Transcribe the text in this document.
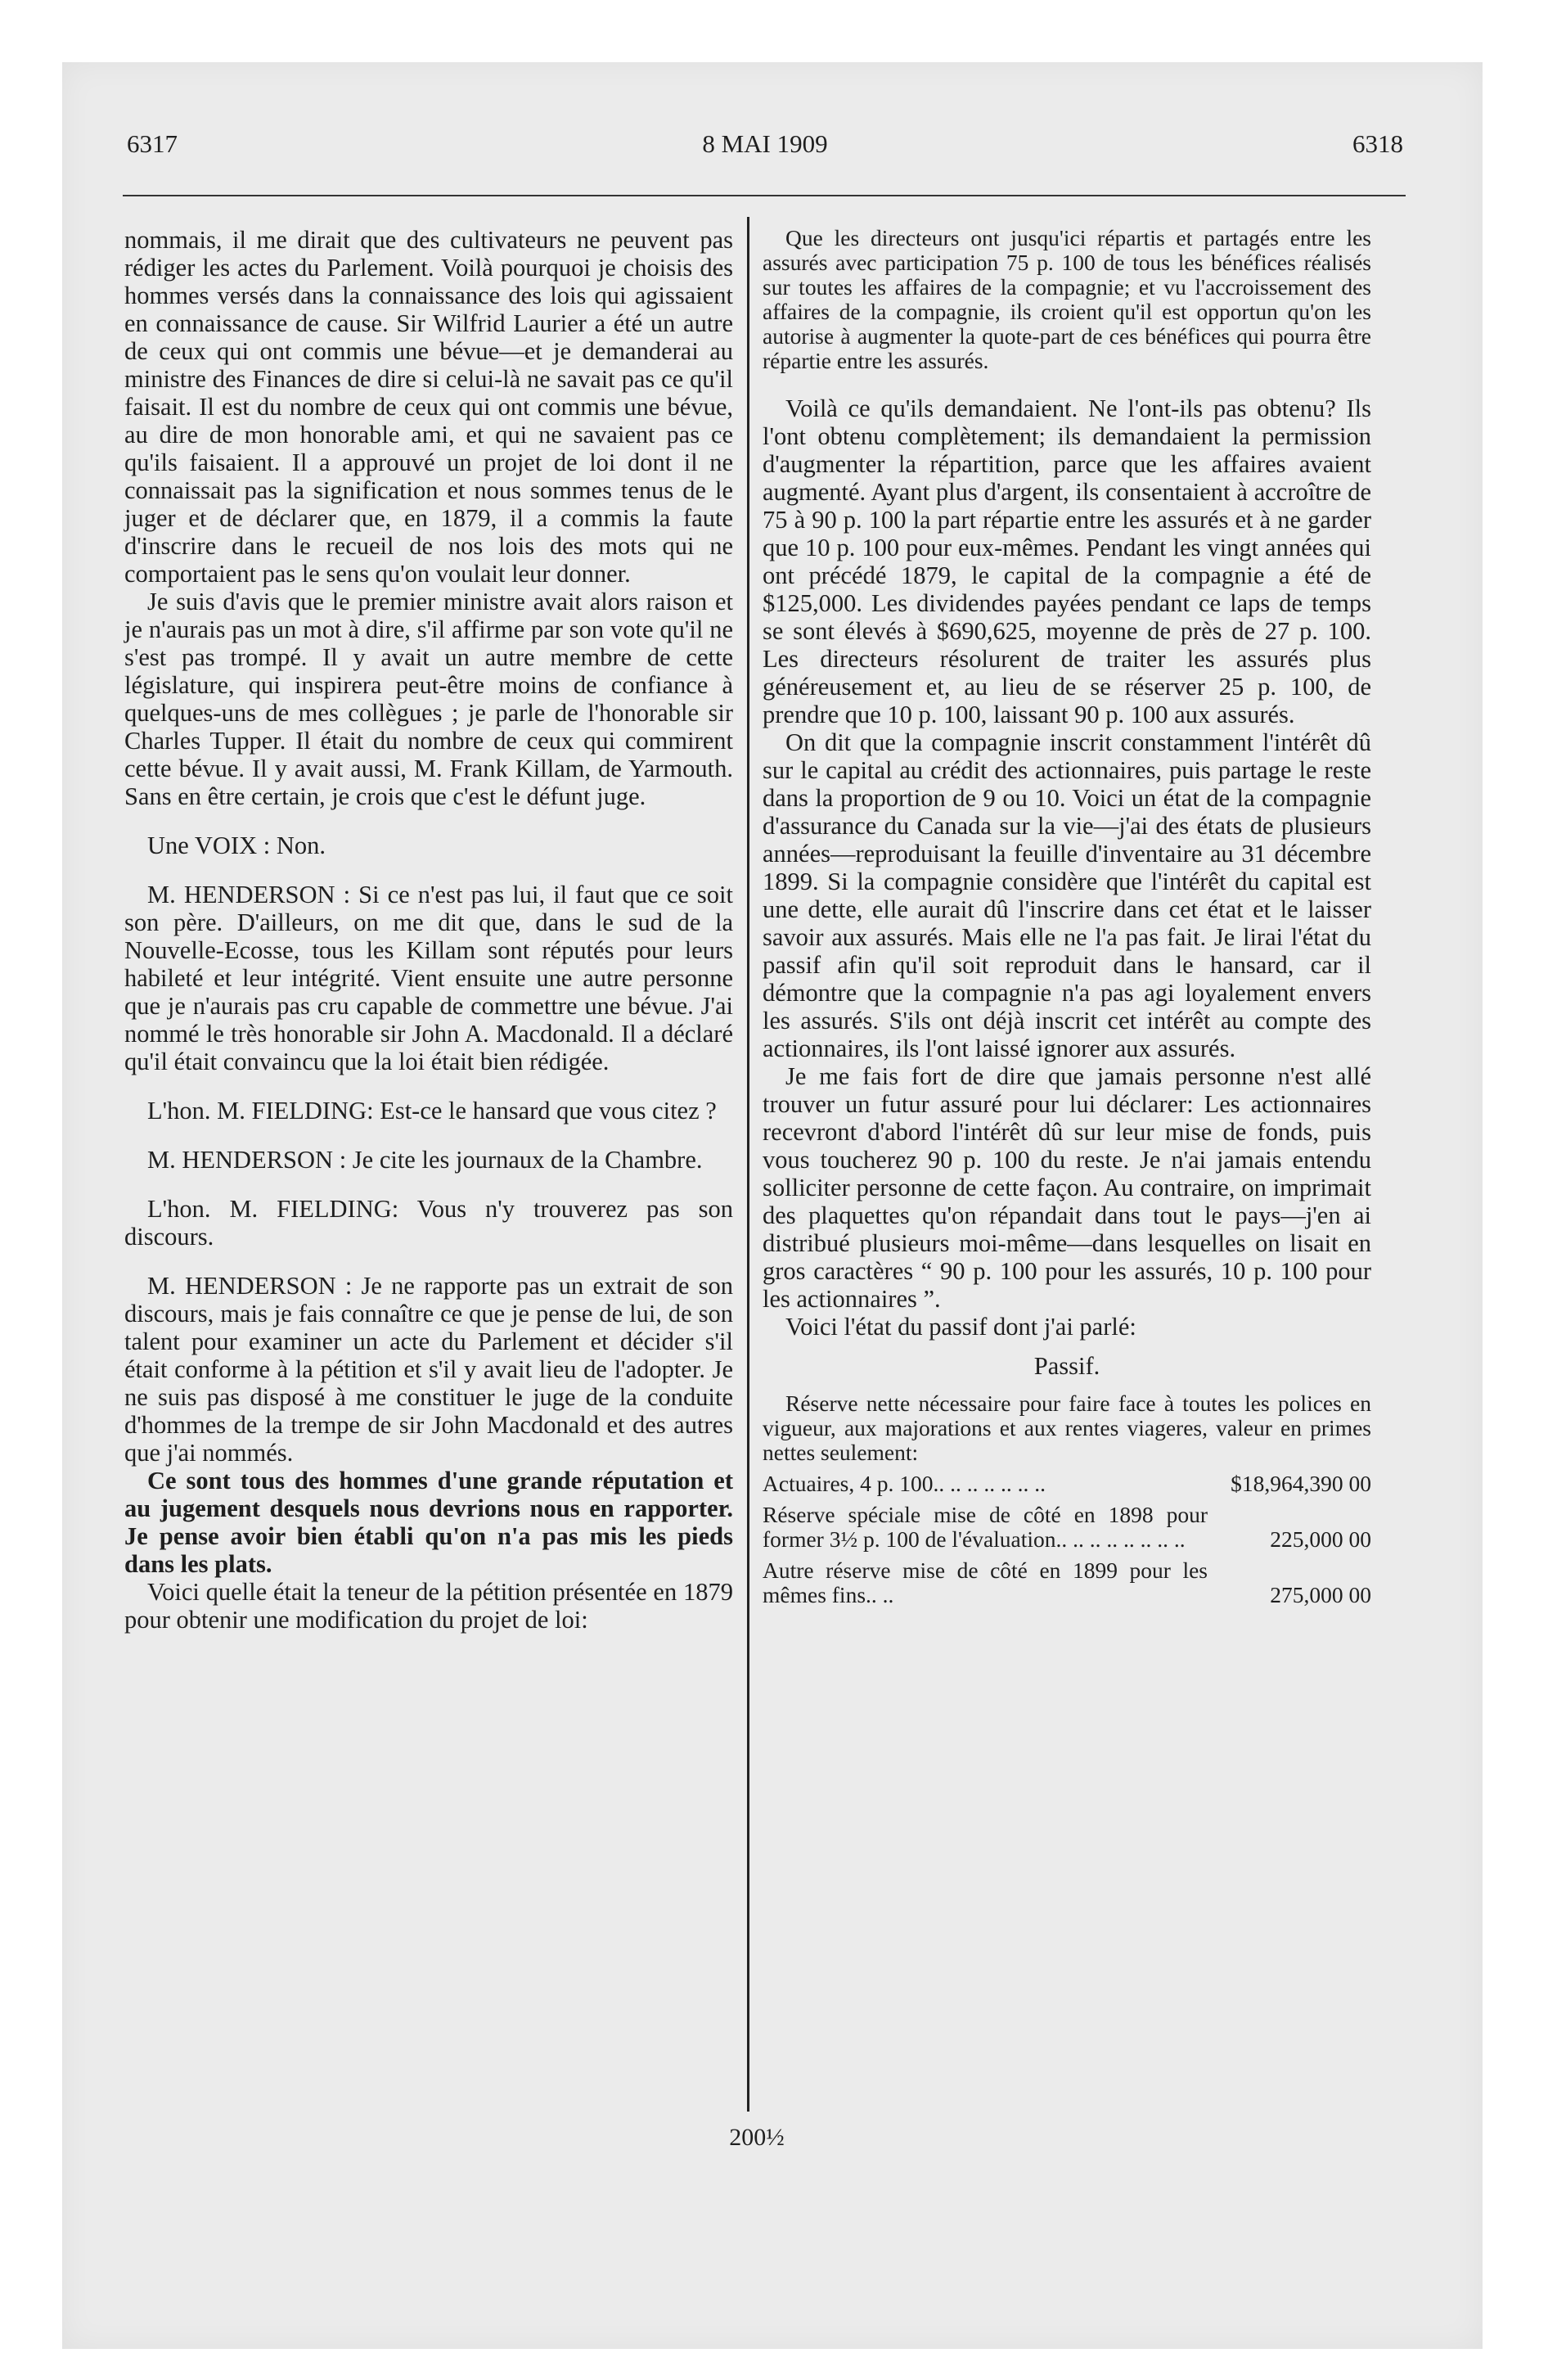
6317	8 MAI 1909	6318

nommais, il me dirait que des cultivateurs ne peuvent pas rédiger les actes du Parlement. Voilà pourquoi je choisis des hommes versés dans la connaissance des lois qui agissaient en connaissance de cause. Sir Wilfrid Laurier a été un autre de ceux qui ont commis une bévue—et je demanderai au ministre des Finances de dire si celui-là ne savait pas ce qu'il faisait. Il est du nombre de ceux qui ont commis une bévue, au dire de mon honorable ami, et qui ne savaient pas ce qu'ils faisaient. Il a approuvé un projet de loi dont il ne connaissait pas la signification et nous sommes tenus de le juger et de déclarer que, en 1879, il a commis la faute d'inscrire dans le recueil de nos lois des mots qui ne comportaient pas le sens qu'on voulait leur donner.

Je suis d'avis que le premier ministre avait alors raison et je n'aurais pas un mot à dire, s'il affirme par son vote qu'il ne s'est pas trompé. Il y avait un autre membre de cette législature, qui inspirera peut-être moins de confiance à quelques-uns de mes collègues ; je parle de l'honorable sir Charles Tupper. Il était du nombre de ceux qui commirent cette bévue. Il y avait aussi, M. Frank Killam, de Yarmouth. Sans en être certain, je crois que c'est le défunt juge.

Une VOIX : Non.

M. HENDERSON : Si ce n'est pas lui, il faut que ce soit son père. D'ailleurs, on me dit que, dans le sud de la Nouvelle-Ecosse, tous les Killam sont réputés pour leurs habileté et leur intégrité. Vient ensuite une autre personne que je n'aurais pas cru capable de commettre une bévue. J'ai nommé le très honorable sir John A. Macdonald. Il a déclaré qu'il était convaincu que la loi était bien rédigée.

L'hon. M. FIELDING: Est-ce le hansard que vous citez ?

M. HENDERSON : Je cite les journaux de la Chambre.

L'hon. M. FIELDING: Vous n'y trouverez pas son discours.

M. HENDERSON : Je ne rapporte pas un extrait de son discours, mais je fais connaître ce que je pense de lui, de son talent pour examiner un acte du Parlement et décider s'il était conforme à la pétition et s'il y avait lieu de l'adopter. Je ne suis pas disposé à me constituer le juge de la conduite d'hommes de la trempe de sir John Macdonald et des autres que j'ai nommés.

Ce sont tous des hommes d'une grande réputation et au jugement desquels nous devrions nous en rapporter. Je pense avoir bien établi qu'on n'a pas mis les pieds dans les plats.

Voici quelle était la teneur de la pétition présentée en 1879 pour obtenir une modification du projet de loi:

Que les directeurs ont jusqu'ici répartis et partagés entre les assurés avec participation 75 p. 100 de tous les bénéfices réalisés sur toutes les affaires de la compagnie; et vu l'accroissement des affaires de la compagnie, ils croient qu'il est opportun qu'on les autorise à augmenter la quote-part de ces bénéfices qui pourra être répartie entre les assurés.

Voilà ce qu'ils demandaient. Ne l'ont-ils pas obtenu? Ils l'ont obtenu complètement; ils demandaient la permission d'augmenter la répartition, parce que les affaires avaient augmenté. Ayant plus d'argent, ils consentaient à accroître de 75 à 90 p. 100 la part répartie entre les assurés et à ne garder que 10 p. 100 pour eux-mêmes. Pendant les vingt années qui ont précédé 1879, le capital de la compagnie a été de $125,000. Les dividendes payées pendant ce laps de temps se sont élevés à $690,625, moyenne de près de 27 p. 100. Les directeurs résolurent de traiter les assurés plus généreusement et, au lieu de se réserver 25 p. 100, de prendre que 10 p. 100, laissant 90 p. 100 aux assurés.

On dit que la compagnie inscrit constamment l'intérêt dû sur le capital au crédit des actionnaires, puis partage le reste dans la proportion de 9 ou 10. Voici un état de la compagnie d'assurance du Canada sur la vie—j'ai des états de plusieurs années—reproduisant la feuille d'inventaire au 31 décembre 1899. Si la compagnie considère que l'intérêt du capital est une dette, elle aurait dû l'inscrire dans cet état et le laisser savoir aux assurés. Mais elle ne l'a pas fait. Je lirai l'état du passif afin qu'il soit reproduit dans le hansard, car il démontre que la compagnie n'a pas agi loyalement envers les assurés. S'ils ont déjà inscrit cet intérêt au compte des actionnaires, ils l'ont laissé ignorer aux assurés.

Je me fais fort de dire que jamais personne n'est allé trouver un futur assuré pour lui déclarer: Les actionnaires recevront d'abord l'intérêt dû sur leur mise de fonds, puis vous toucherez 90 p. 100 du reste. Je n'ai jamais entendu solliciter personne de cette façon. Au contraire, on imprimait des plaquettes qu'on répandait dans tout le pays—j'en ai distribué plusieurs moi-même—dans lesquelles on lisait en gros caractères “ 90 p. 100 pour les assurés, 10 p. 100 pour les actionnaires ”.

Voici l'état du passif dont j'ai parlé:

Passif.

Réserve nette nécessaire pour faire face à toutes les polices en vigueur, aux majorations et aux rentes viageres, valeur en primes nettes seulement:

Actuaires, 4 p. 100.. .. .. .. .. .. ..	$18,964,390 00
Réserve spéciale mise de côté en 1898 pour former 3½ p. 100 de l'évaluation.. .. .. .. .. .. .. ..	225,000 00
Autre réserve mise de côté en 1899 pour les mêmes fins.. ..	275,000 00
200½
